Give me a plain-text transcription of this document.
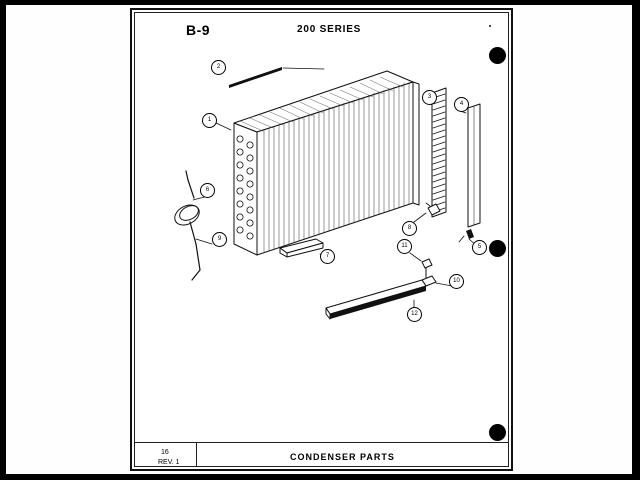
B-9	200 SERIES
1
2
3
4
5
6
7
8
9
10
11
12
16
REV. 1
CONDENSER PARTS
